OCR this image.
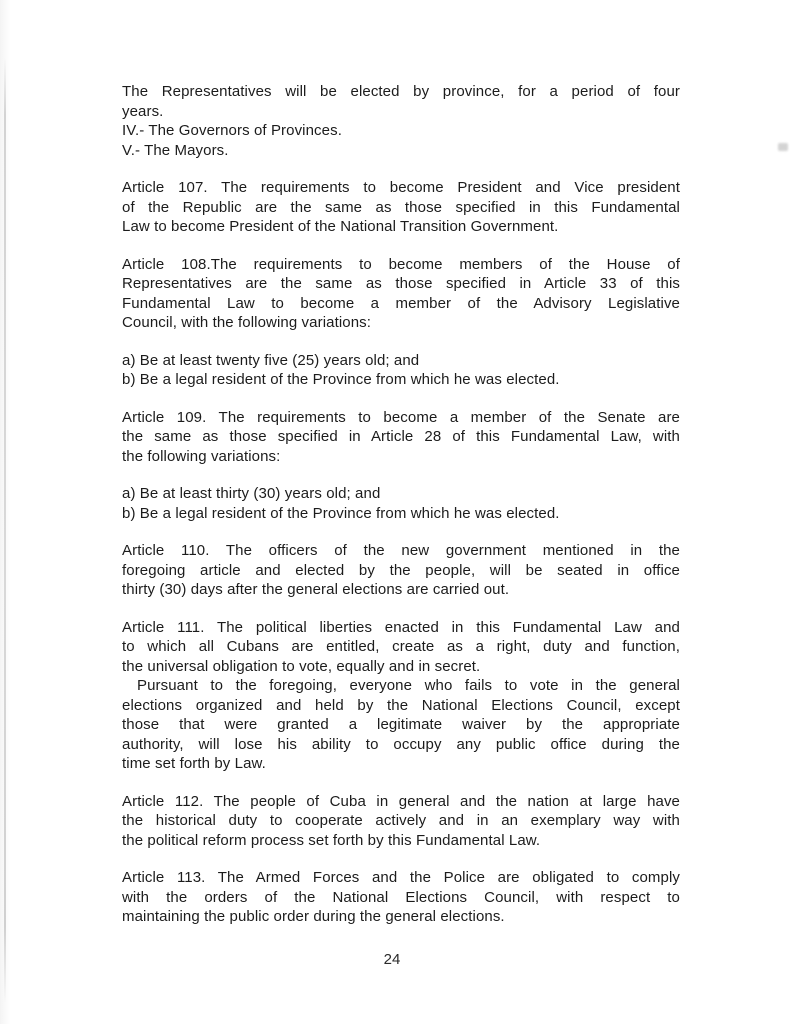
The Representatives will be elected by province, for a period of four
years.
IV.- The Governors of Provinces.
V.- The Mayors.

Article 107. The requirements to become President and Vice president
of the Republic are the same as those specified in this Fundamental
Law to become President of the National Transition Government.

Article 108.The requirements to become members of the House of
Representatives are the same as those specified in Article 33 of this
Fundamental Law to become a member of the Advisory Legislative
Council, with the following variations:

a) Be at least twenty five (25) years old; and
b) Be a legal resident of the Province from which he was elected.

Article 109. The requirements to become a member of the Senate are
the same as those specified in Article 28 of this Fundamental Law, with
the following variations:

a) Be at least thirty (30) years old; and
b) Be a legal resident of the Province from which he was elected.

Article 110. The officers of the new government mentioned in the
foregoing article and elected by the people, will be seated in office
thirty (30) days after the general elections are carried out.

Article 111. The political liberties enacted in this Fundamental Law and
to which all Cubans are entitled, create as a right, duty and function,
the universal obligation to vote, equally and in secret.
Pursuant to the foregoing, everyone who fails to vote in the general
elections organized and held by the National Elections Council, except
those that were granted a legitimate waiver by the appropriate
authority, will lose his ability to occupy any public office during the
time set forth by Law.

Article 112. The people of Cuba in general and the nation at large have
the historical duty to cooperate actively and in an exemplary way with
the political reform process set forth by this Fundamental Law.

Article 113. The Armed Forces and the Police are obligated to comply
with the orders of the National Elections Council, with respect to
maintaining the public order during the general elections.

24
